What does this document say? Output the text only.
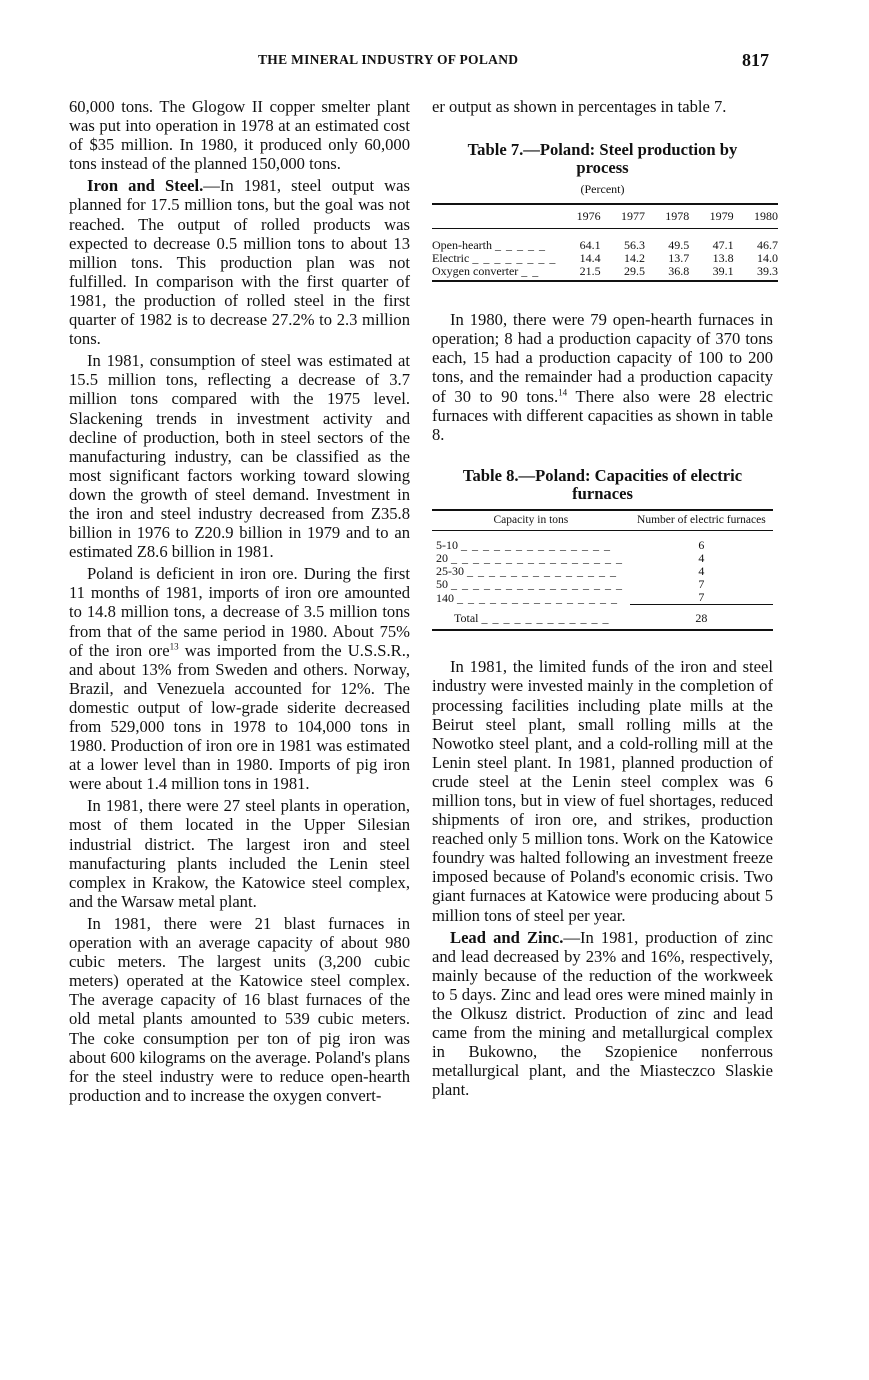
THE MINERAL INDUSTRY OF POLAND	817

60,000 tons. The Glogow II copper smelter plant was put into operation in 1978 at an estimated cost of $35 million. In 1980, it produced only 60,000 tons instead of the planned 150,000 tons.

Iron and Steel.—In 1981, steel output was planned for 17.5 million tons, but the goal was not reached. The output of rolled products was expected to decrease 0.5 million tons to about 13 million tons. This production plan was not fulfilled. In comparison with the first quarter of 1981, the production of rolled steel in the first quarter of 1982 is to decrease 27.2% to 2.3 million tons.

In 1981, consumption of steel was estimated at 15.5 million tons, reflecting a decrease of 3.7 million tons compared with the 1975 level. Slackening trends in investment activity and decline of production, both in steel sectors of the manufacturing industry, can be classified as the most significant factors working toward slowing down the growth of steel demand. Investment in the iron and steel industry decreased from Z35.8 billion in 1976 to Z20.9 billion in 1979 and to an estimated Z8.6 billion in 1981.

Poland is deficient in iron ore. During the first 11 months of 1981, imports of iron ore amounted to 14.8 million tons, a decrease of 3.5 million tons from that of the same period in 1980. About 75% of the iron ore$^{13}$ was imported from the U.S.S.R., and about 13% from Sweden and others. Norway, Brazil, and Venezuela accounted for 12%. The domestic output of low-grade siderite decreased from 529,000 tons in 1978 to 104,000 tons in 1980. Production of iron ore in 1981 was estimated at a lower level than in 1980. Imports of pig iron were about 1.4 million tons in 1981.

In 1981, there were 27 steel plants in operation, most of them located in the Upper Silesian industrial district. The largest iron and steel manufacturing plants included the Lenin steel complex in Krakow, the Katowice steel complex, and the Warsaw metal plant.

In 1981, there were 21 blast furnaces in operation with an average capacity of about 980 cubic meters. The largest units (3,200 cubic meters) operated at the Katowice steel complex. The average capacity of 16 blast furnaces of the old metal plants amounted to 539 cubic meters. The coke consumption per ton of pig iron was about 600 kilograms on the average. Poland's plans for the steel industry were to reduce open-hearth production and to increase the oxygen convert-

er output as shown in percentages in table 7.

Table 7.—Poland: Steel production by process
(Percent)
	1976	1977	1978	1979	1980
Open-hearth _ _ _ _ _	64.1	56.3	49.5	47.1	46.7
Electric _ _ _ _ _ _ _ _	14.4	14.2	13.7	13.8	14.0
Oxygen converter _ _	21.5	29.5	36.8	39.1	39.3

In 1980, there were 79 open-hearth furnaces in operation; 8 had a production capacity of 370 tons each, 15 had a production capacity of 100 to 200 tons, and the remainder had a production capacity of 30 to 90 tons.$^{14}$ There also were 28 electric furnaces with different capacities as shown in table 8.

Table 8.—Poland: Capacities of electric furnaces
Capacity in tons	Number of electric furnaces
5-10 _ _ _ _ _ _ _ _ _ _ _ _ _ _	6
20 _ _ _ _ _ _ _ _ _ _ _ _ _ _ _ _	4
25-30 _ _ _ _ _ _ _ _ _ _ _ _ _ _	4
50 _ _ _ _ _ _ _ _ _ _ _ _ _ _ _ _	7
140 _ _ _ _ _ _ _ _ _ _ _ _ _ _ _	7
Total _ _ _ _ _ _ _ _ _ _ _ _	28

In 1981, the limited funds of the iron and steel industry were invested mainly in the completion of processing facilities including plate mills at the Beirut steel plant, small rolling mills at the Nowotko steel plant, and a cold-rolling mill at the Lenin steel plant. In 1981, planned production of crude steel at the Lenin steel complex was 6 million tons, but in view of fuel shortages, reduced shipments of iron ore, and strikes, production reached only 5 million tons. Work on the Katowice foundry was halted following an investment freeze imposed because of Poland's economic crisis. Two giant furnaces at Katowice were producing about 5 million tons of steel per year.

Lead and Zinc.—In 1981, production of zinc and lead decreased by 23% and 16%, respectively, mainly because of the reduction of the workweek to 5 days. Zinc and lead ores were mined mainly in the Olkusz district. Production of zinc and lead came from the mining and metallurgical complex in Bukowno, the Szopienice nonferrous metallurgical plant, and the Miasteczco Slaskie plant.
